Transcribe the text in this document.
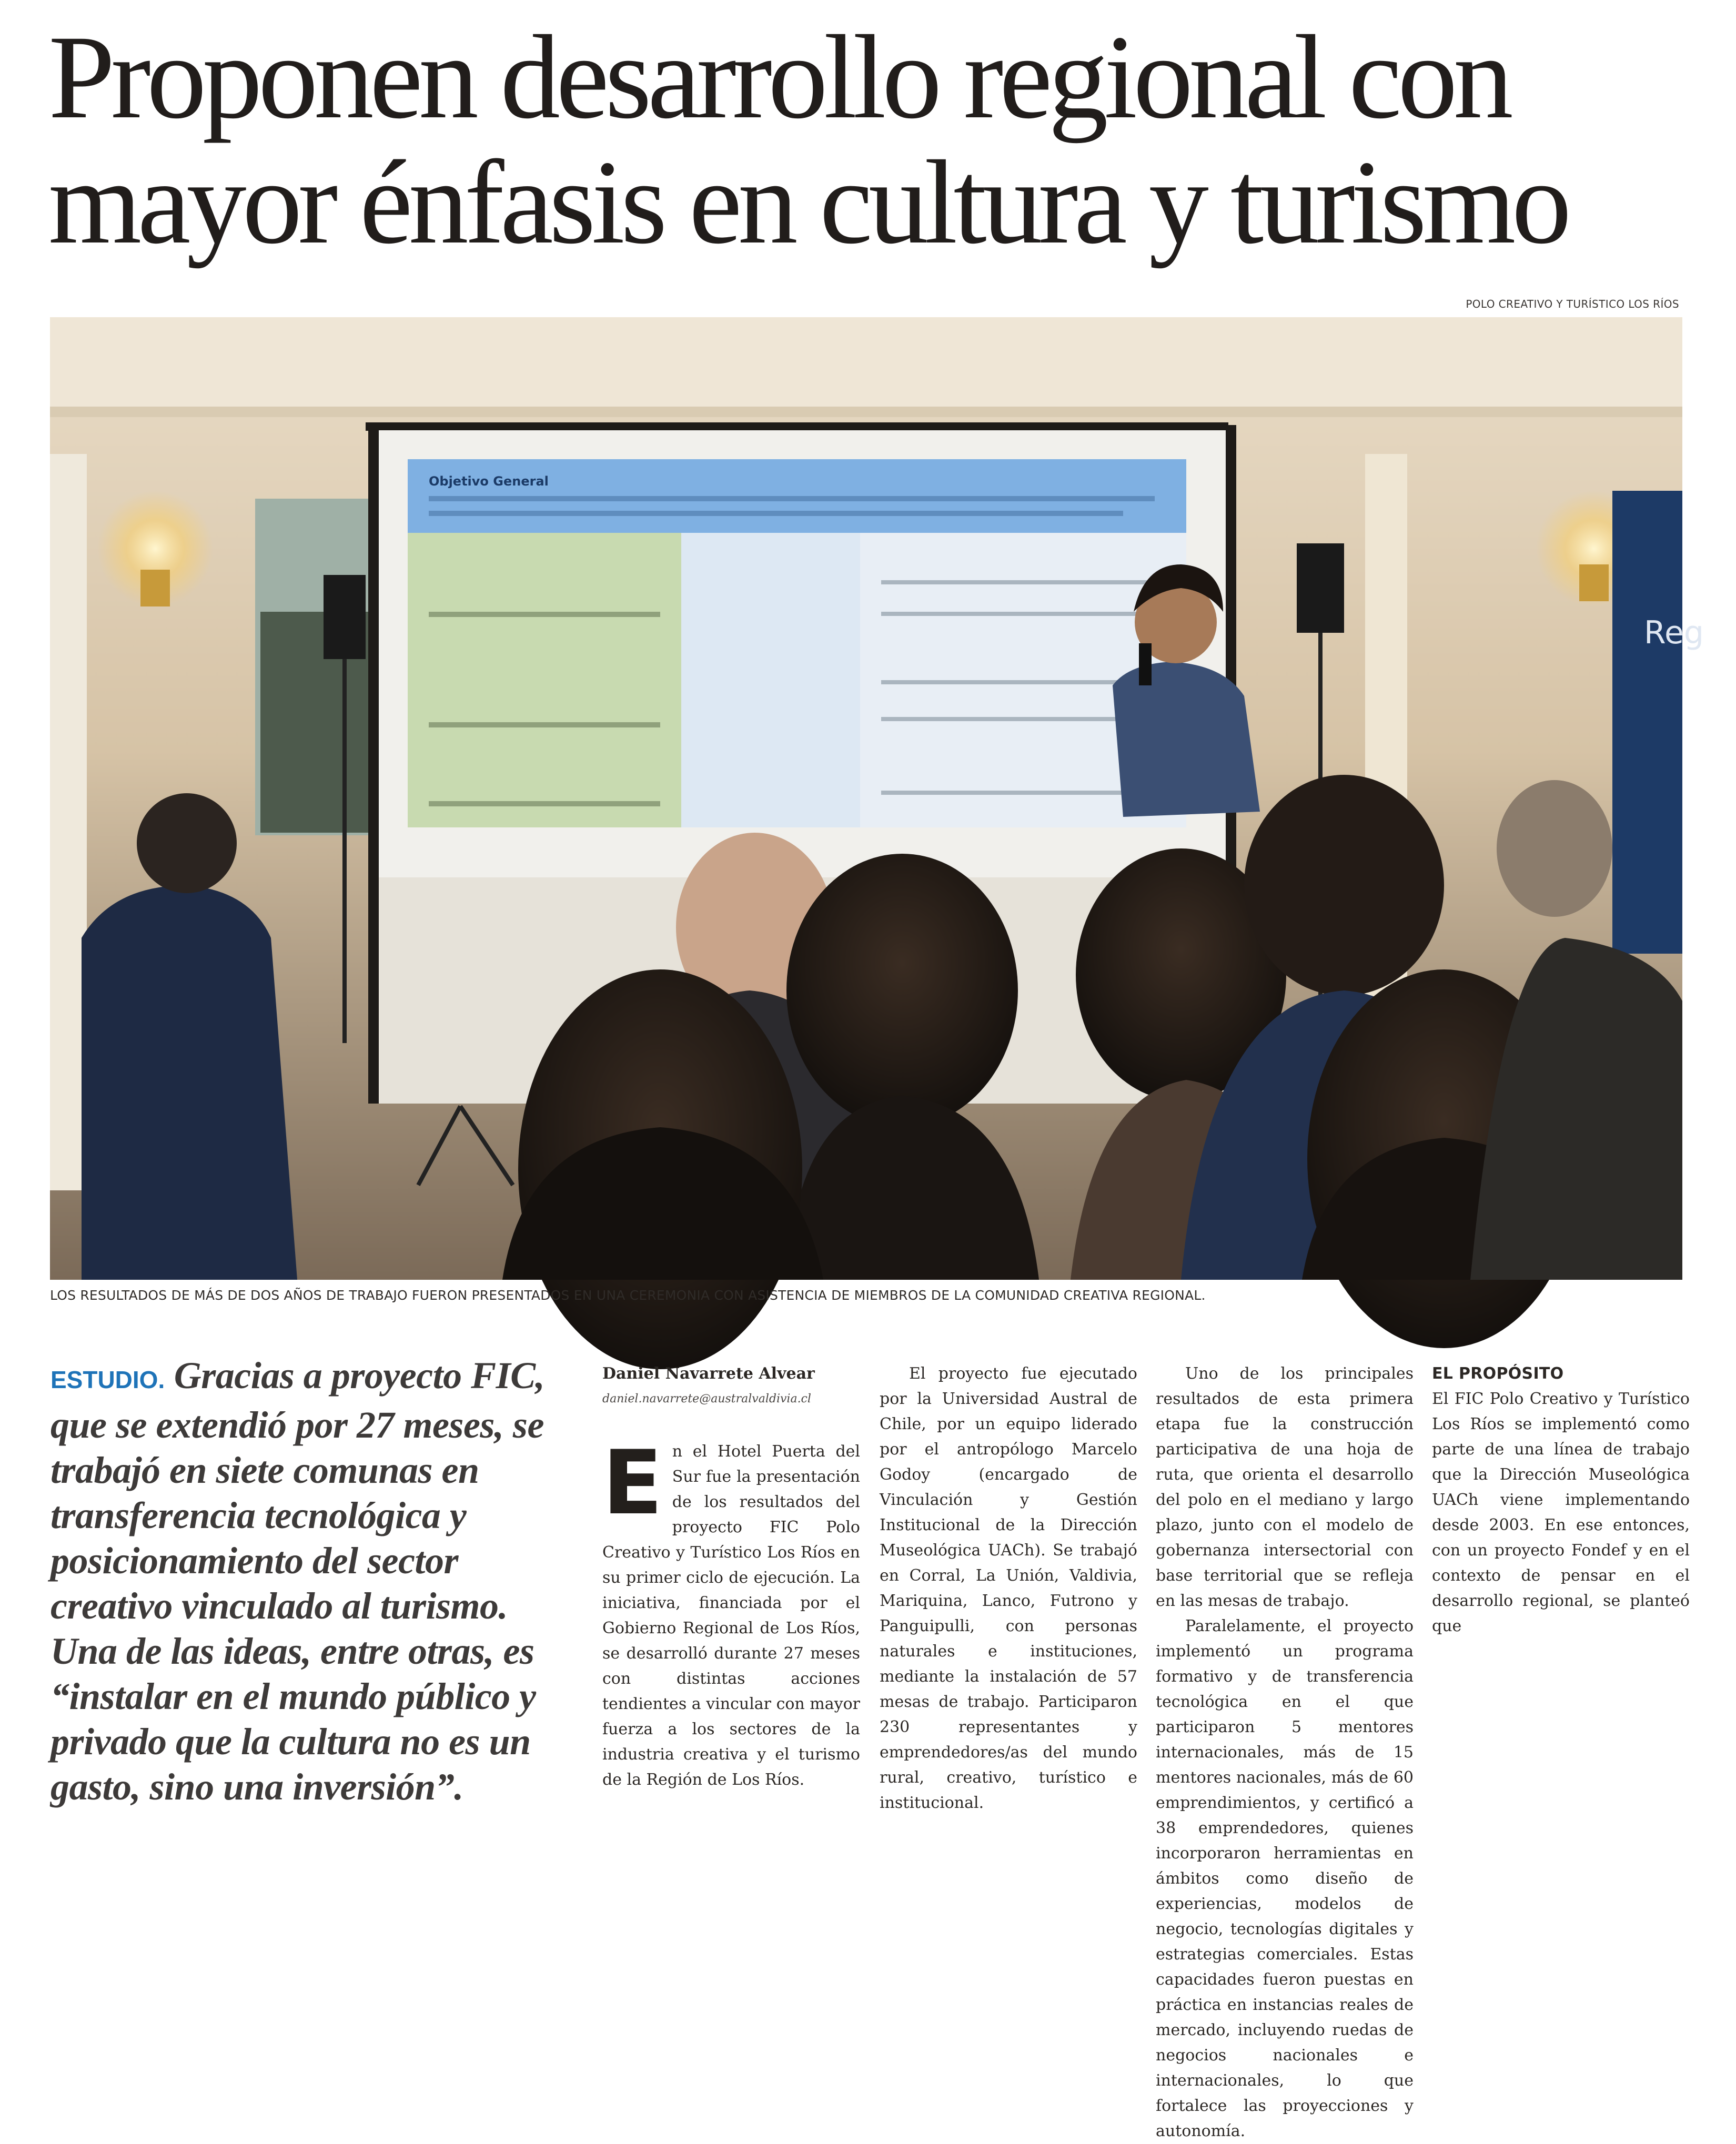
Proponen desarrollo regional con mayor énfasis en cultura y turismo

POLO CREATIVO Y TURÍSTICO LOS RÍOS

Reg
Objetivo General

LOS RESULTADOS DE MÁS DE DOS AÑOS DE TRABAJO FUERON PRESENTADOS EN UNA CEREMONIA CON ASISTENCIA DE MIEMBROS DE LA COMUNIDAD CREATIVA REGIONAL.

ESTUDIO. Gracias a proyecto FIC, que se extendió por 27 meses, se trabajó en siete comunas en transferencia tecnológica y posicionamiento del sector creativo vinculado al turismo. Una de las ideas, entre otras, es “instalar en el mundo público y privado que la cultura no es un gasto, sino una inversión”.

Daniel Navarrete Alvear

daniel.navarrete@australvaldivia.cl

En el Hotel Puerta del Sur fue la presentación de los resultados del proyecto FIC Polo Creativo y Turístico Los Ríos en su primer ciclo de ejecución. La iniciativa, financiada por el Gobierno Regional de Los Ríos, se desarrolló durante 27 meses con distintas acciones tendientes a vincular con mayor fuerza a los sectores de la industria creativa y el turismo de la Región de Los Ríos.

El proyecto fue ejecutado por la Universidad Austral de Chile, por un equipo liderado por el antropólogo Marcelo Godoy (encargado de Vinculación y Gestión Institucional de la Dirección Museológica UACh). Se trabajó en Corral, La Unión, Valdivia, Mariquina, Lanco, Futrono y Panguipulli, con personas naturales e instituciones, mediante la instalación de 57 mesas de trabajo. Participaron 230 representantes y emprendedores/as del mundo rural, creativo, turístico e institucional.

Uno de los principales resultados de esta primera etapa fue la construcción participativa de una hoja de ruta, que orienta el desarrollo del polo en el mediano y largo plazo, junto con el modelo de gobernanza intersectorial con base territorial que se refleja en las mesas de trabajo.

Paralelamente, el proyecto implementó un programa formativo y de transferencia tecnológica en el que participaron 5 mentores internacionales, más de 15 mentores nacionales, más de 60 emprendimientos, y certificó a 38 emprendedores, quienes incorporaron herramientas en ámbitos como diseño de experiencias, modelos de negocio, tecnologías digitales y estrategias comerciales. Estas capacidades fueron puestas en práctica en instancias reales de mercado, incluyendo ruedas de negocios nacionales e internacionales, lo que fortalece las proyecciones y autonomía.

EL PROPÓSITO

El FIC Polo Creativo y Turístico Los Ríos se implementó como parte de una línea de trabajo que la Dirección Museológica UACh viene implementando desde 2003. En ese entonces, con un proyecto Fondef y en el contexto de pensar en el desarrollo regional, se planteó que
